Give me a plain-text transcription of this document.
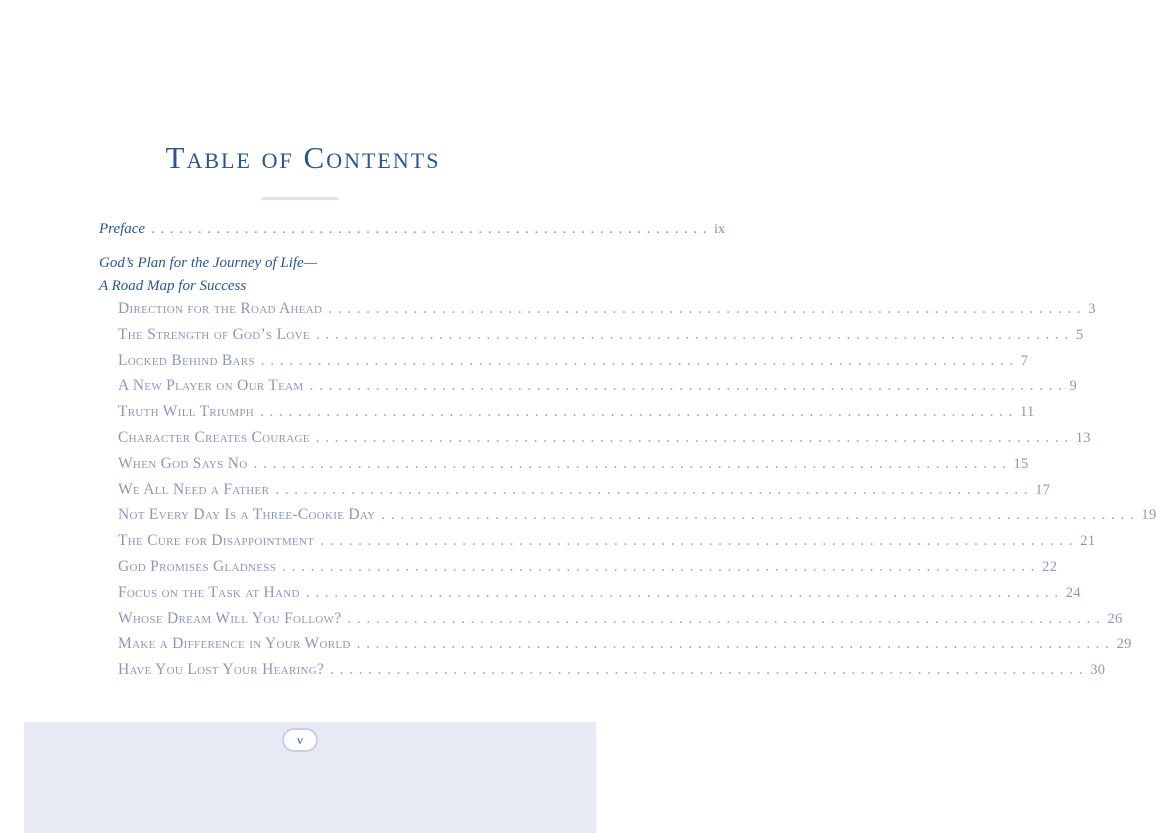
Table of Contents
Preface ............................................................ ix
God’s Plan for the Journey of Life—
A Road Map for Success
Direction for the Road Ahead ................................................................................ 3
The Strength of God’s Love ................................................................................ 5
Locked Behind Bars ................................................................................ 7
A New Player on Our Team ................................................................................ 9
Truth Will Triumph ................................................................................ 11
Character Creates Courage ................................................................................ 13
When God Says No ................................................................................ 15
We All Need a Father ................................................................................ 17
Not Every Day Is a Three-Cookie Day ................................................................................ 19
The Cure for Disappointment ................................................................................ 21
God Promises Gladness ................................................................................ 22
Focus on the Task at Hand ................................................................................ 24
Whose Dream Will You Follow? ................................................................................ 26
Make a Difference in Your World ................................................................................ 29
Have You Lost Your Hearing? ................................................................................ 30
v
